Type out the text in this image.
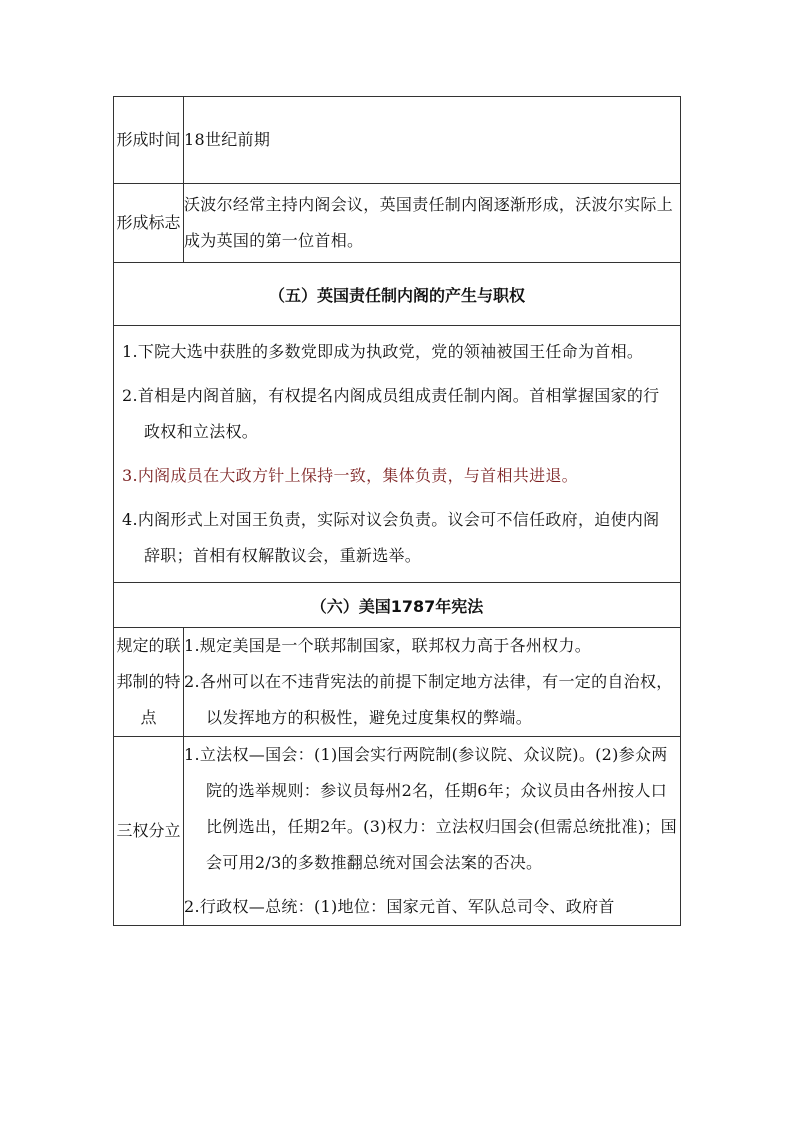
形成时间	18世纪前期
形成标志	沃波尔经常主持内阁会议，英国责任制内阁逐渐形成，沃波尔实际上成为英国的第一位首相。
（五）英国责任制内阁的产生与职权	

1.下院大选中获胜的多数党即成为执政党，党的领袖被国王任命为首相。
2.首相是内阁首脑，有权提名内阁成员组成责任制内阁。首相掌握国家的行政权和立法权。
3.内阁成员在大政方针上保持一致，集体负责，与首相共进退。
4.内阁形式上对国王负责，实际对议会负责。议会可不信任政府，迫使内阁辞职；首相有权解散议会，重新选举。	

（六）美国1787年宪法	
规定的联邦制的特点	1.规定美国是一个联邦制国家，联邦权力高于各州权力。
2.各州可以在不违背宪法的前提下制定地方法律，有一定的自治权，以发挥地方的积极性，避免过度集权的弊端。

三权分立	1.立法权—国会：(1)国会实行两院制(参议院、众议院)。(2)参众两院的选举规则：参议员每州2名，任期6年；众议员由各州按人口比例选出，任期2年。(3)权力：立法权归国会(但需总统批准)；国会可用2/3的多数推翻总统对国会法案的否决。
2.行政权—总统：(1)地位：国家元首、军队总司令、政府首
